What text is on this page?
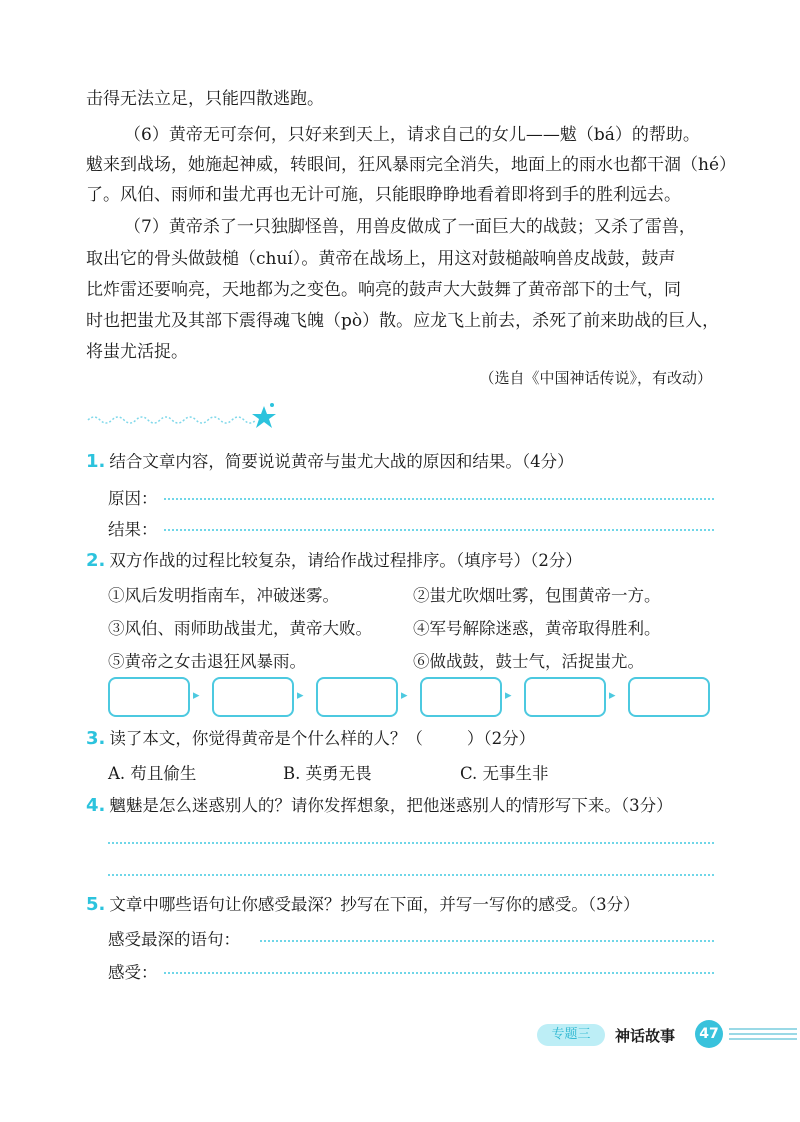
击得无法立足，只能四散逃跑。
（6）黄帝无可奈何，只好来到天上，请求自己的女儿——魃（bá）的帮助。
魃来到战场，她施起神威，转眼间，狂风暴雨完全消失，地面上的雨水也都干涸（hé）
了。风伯、雨师和蚩尤再也无计可施，只能眼睁睁地看着即将到手的胜利远去。
（7）黄帝杀了一只独脚怪兽，用兽皮做成了一面巨大的战鼓；又杀了雷兽，
取出它的骨头做鼓槌（chuí）。黄帝在战场上，用这对鼓槌敲响兽皮战鼓，鼓声
比炸雷还要响亮，天地都为之变色。响亮的鼓声大大鼓舞了黄帝部下的士气，同
时也把蚩尤及其部下震得魂飞魄（pò）散。应龙飞上前去，杀死了前来助战的巨人，
将蚩尤活捉。
（选自《中国神话传说》，有改动）
1. 结合文章内容，简要说说黄帝与蚩尤大战的原因和结果。（4分）
原因：
结果：
2. 双方作战的过程比较复杂，请给作战过程排序。（填序号）（2分）
①风后发明指南车，冲破迷雾。	②蚩尤吹烟吐雾，包围黄帝一方。
③风伯、雨师助战蚩尤，黄帝大败。 ④军号解除迷惑，黄帝取得胜利。
⑤黄帝之女击退狂风暴雨。	⑥做战鼓，鼓士气，活捉蚩尤。
▸	▸	▸	▸	▸
3. 读了本文，你觉得黄帝是个什么样的人？（	）（2分）
A. 苟且偷生	B. 英勇无畏	C. 无事生非
4. 魑魅是怎么迷惑别人的？请你发挥想象，把他迷惑别人的情形写下来。（3分）
5. 文章中哪些语句让你感受最深？抄写在下面，并写一写你的感受。（3分）
感受最深的语句：
感受：
专题三	神话故事	47
